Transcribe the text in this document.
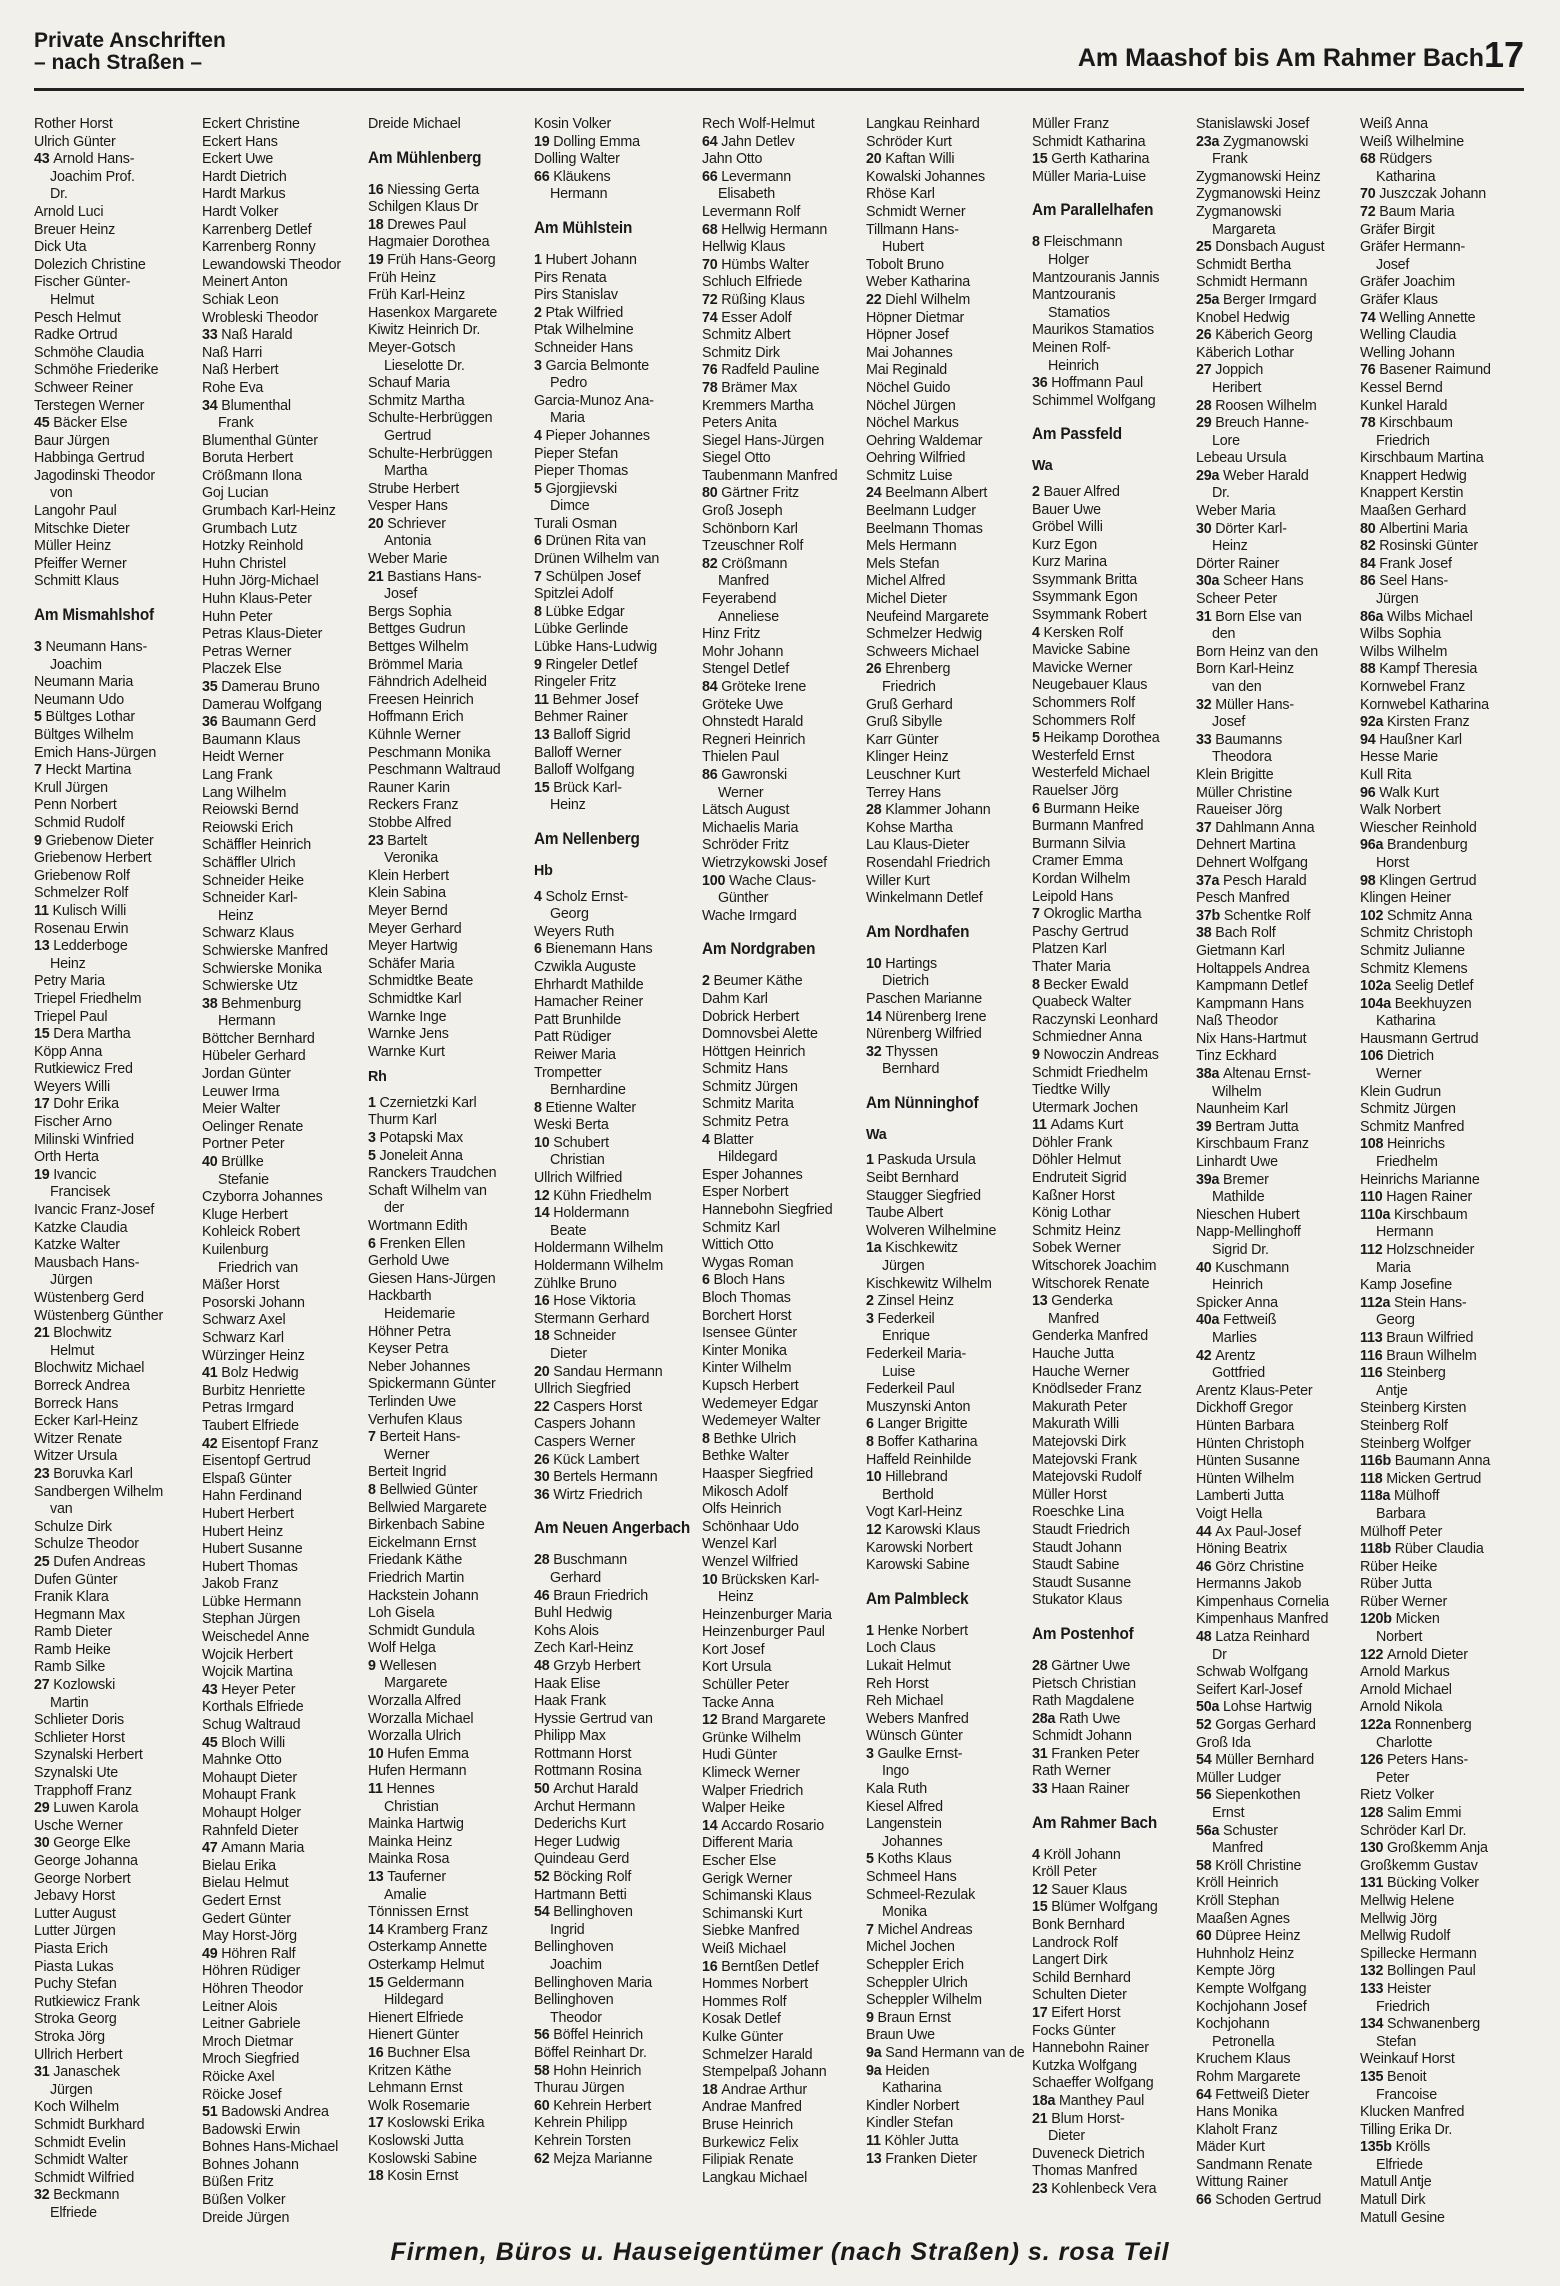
Private Anschriften
– nach Straßen –	Am Maashof bis Am Rahmer Bach 17
Rother Horst
Ulrich Günter
43 Arnold Hans-
Joachim Prof.
Dr.
Arnold Luci
Breuer Heinz
Dick Uta
Dolezich Christine
Fischer Günter-
Helmut
Pesch Helmut
Radke Ortrud
Schmöhe Claudia
Schmöhe Friederike
Schweer Reiner
Terstegen Werner
45 Bäcker Else
Baur Jürgen
Habbinga Gertrud
Jagodinski Theodor
von
Langohr Paul
Mitschke Dieter
Müller Heinz
Pfeiffer Werner
Schmitt Klaus
Am Mismahlshof
3 Neumann Hans-
Joachim
Neumann Maria
Neumann Udo
5 Bültges Lothar
Bültges Wilhelm
Emich Hans-Jürgen
7 Heckt Martina
Krull Jürgen
Penn Norbert
Schmid Rudolf
9 Griebenow Dieter
Griebenow Herbert
Griebenow Rolf
Schmelzer Rolf
11 Kulisch Willi
Rosenau Erwin
13 Ledderboge
Heinz
Petry Maria
Triepel Friedhelm
Triepel Paul
15 Dera Martha
Köpp Anna
Rutkiewicz Fred
Weyers Willi
17 Dohr Erika
Fischer Arno
Milinski Winfried
Orth Herta
19 Ivancic
Francisek
Ivancic Franz-Josef
Katzke Claudia
Katzke Walter
Mausbach Hans-
Jürgen
Wüstenberg Gerd
Wüstenberg Günther
21 Blochwitz
Helmut
Blochwitz Michael
Borreck Andrea
Borreck Hans
Ecker Karl-Heinz
Witzer Renate
Witzer Ursula
23 Boruvka Karl
Sandbergen Wilhelm
van
Schulze Dirk
Schulze Theodor
25 Dufen Andreas
Dufen Günter
Franik Klara
Hegmann Max
Ramb Dieter
Ramb Heike
Ramb Silke
27 Kozlowski
Martin
Schlieter Doris
Schlieter Horst
Szynalski Herbert
Szynalski Ute
Trapphoff Franz
29 Luwen Karola
Usche Werner
30 George Elke
George Johanna
George Norbert
Jebavy Horst
Lutter August
Lutter Jürgen
Piasta Erich
Piasta Lukas
Puchy Stefan
Rutkiewicz Frank
Stroka Georg
Stroka Jörg
Ullrich Herbert
31 Janaschek
Jürgen
Koch Wilhelm
Schmidt Burkhard
Schmidt Evelin
Schmidt Walter
Schmidt Wilfried
32 Beckmann
Elfriede
Eckert Christine
Eckert Hans
Eckert Uwe
Hardt Dietrich
Hardt Markus
Hardt Volker
Karrenberg Detlef
Karrenberg Ronny
Lewandowski Theodor
Meinert Anton
Schiak Leon
Wrobleski Theodor
33 Naß Harald
Naß Harri
Naß Herbert
Rohe Eva
34 Blumenthal
Frank
Blumenthal Günter
Boruta Herbert
Crößmann Ilona
Goj Lucian
Grumbach Karl-Heinz
Grumbach Lutz
Hotzky Reinhold
Huhn Christel
Huhn Jörg-Michael
Huhn Klaus-Peter
Huhn Peter
Petras Klaus-Dieter
Petras Werner
Placzek Else
35 Damerau Bruno
Damerau Wolfgang
36 Baumann Gerd
Baumann Klaus
Heidt Werner
Lang Frank
Lang Wilhelm
Reiowski Bernd
Reiowski Erich
Schäffler Heinrich
Schäffler Ulrich
Schneider Heike
Schneider Karl-
Heinz
Schwarz Klaus
Schwierske Manfred
Schwierske Monika
Schwierske Utz
38 Behmenburg
Hermann
Böttcher Bernhard
Hübeler Gerhard
Jordan Günter
Leuwer Irma
Meier Walter
Oelinger Renate
Portner Peter
40 Brüllke
Stefanie
Czyborra Johannes
Kluge Herbert
Kohleick Robert
Kuilenburg
Friedrich van
Mäßer Horst
Posorski Johann
Schwarz Axel
Schwarz Karl
Würzinger Heinz
41 Bolz Hedwig
Burbitz Henriette
Petras Irmgard
Taubert Elfriede
42 Eisentopf Franz
Eisentopf Gertrud
Elspaß Günter
Hahn Ferdinand
Hubert Herbert
Hubert Heinz
Hubert Susanne
Hubert Thomas
Jakob Franz
Lübke Hermann
Stephan Jürgen
Weischedel Anne
Wojcik Herbert
Wojcik Martina
43 Heyer Peter
Korthals Elfriede
Schug Waltraud
45 Bloch Willi
Mahnke Otto
Mohaupt Dieter
Mohaupt Frank
Mohaupt Holger
Rahnfeld Dieter
47 Amann Maria
Bielau Erika
Bielau Helmut
Gedert Ernst
Gedert Günter
May Horst-Jörg
49 Höhren Ralf
Höhren Rüdiger
Höhren Theodor
Leitner Alois
Leitner Gabriele
Mroch Dietmar
Mroch Siegfried
Röicke Axel
Röicke Josef
51 Badowski Andrea
Badowski Erwin
Bohnes Hans-Michael
Bohnes Johann
Büßen Fritz
Büßen Volker
Dreide Jürgen
Dreide Michael
Am Mühlenberg
16 Niessing Gerta
Schilgen Klaus Dr
18 Drewes Paul
Hagmaier Dorothea
19 Früh Hans-Georg
Früh Heinz
Früh Karl-Heinz
Hasenkox Margarete
Kiwitz Heinrich Dr.
Meyer-Gotsch
Lieselotte Dr.
Schauf Maria
Schmitz Martha
Schulte-Herbrüggen
Gertrud
Schulte-Herbrüggen
Martha
Strube Herbert
Vesper Hans
20 Schriever
Antonia
Weber Marie
21 Bastians Hans-
Josef
Bergs Sophia
Bettges Gudrun
Bettges Wilhelm
Brömmel Maria
Fähndrich Adelheid
Freesen Heinrich
Hoffmann Erich
Kühnle Werner
Peschmann Monika
Peschmann Waltraud
Rauner Karin
Reckers Franz
Stobbe Alfred
23 Bartelt
Veronika
Klein Herbert
Klein Sabina
Meyer Bernd
Meyer Gerhard
Meyer Hartwig
Schäfer Maria
Schmidtke Beate
Schmidtke Karl
Warnke Inge
Warnke Jens
Warnke Kurt
Rh
1 Czernietzki Karl
Thurm Karl
3 Potapski Max
5 Joneleit Anna
Ranckers Traudchen
Schaft Wilhelm van
der
Wortmann Edith
6 Frenken Ellen
Gerhold Uwe
Giesen Hans-Jürgen
Hackbarth
Heidemarie
Höhner Petra
Keyser Petra
Neber Johannes
Spickermann Günter
Terlinden Uwe
Verhufen Klaus
7 Berteit Hans-
Werner
Berteit Ingrid
8 Bellwied Günter
Bellwied Margarete
Birkenbach Sabine
Eickelmann Ernst
Friedank Käthe
Friedrich Martin
Hackstein Johann
Loh Gisela
Schmidt Gundula
Wolf Helga
9 Wellesen
Margarete
Worzalla Alfred
Worzalla Michael
Worzalla Ulrich
10 Hufen Emma
Hufen Hermann
11 Hennes
Christian
Mainka Hartwig
Mainka Heinz
Mainka Rosa
13 Tauferner
Amalie
Tönnissen Ernst
14 Kramberg Franz
Osterkamp Annette
Osterkamp Helmut
15 Geldermann
Hildegard
Hienert Elfriede
Hienert Günter
16 Buchner Elsa
Kritzen Käthe
Lehmann Ernst
Wolk Rosemarie
17 Koslowski Erika
Koslowski Jutta
Koslowski Sabine
18 Kosin Ernst
Kosin Volker
19 Dolling Emma
Dolling Walter
66 Kläukens
Hermann
Am Mühlstein
1 Hubert Johann
Pirs Renata
Pirs Stanislav
2 Ptak Wilfried
Ptak Wilhelmine
Schneider Hans
3 Garcia Belmonte
Pedro
Garcia-Munoz Ana-
Maria
4 Pieper Johannes
Pieper Stefan
Pieper Thomas
5 Gjorgjievski
Dimce
Turali Osman
6 Drünen Rita van
Drünen Wilhelm van
7 Schülpen Josef
Spitzlei Adolf
8 Lübke Edgar
Lübke Gerlinde
Lübke Hans-Ludwig
9 Ringeler Detlef
Ringeler Fritz
11 Behmer Josef
Behmer Rainer
13 Balloff Sigrid
Balloff Werner
Balloff Wolfgang
15 Brück Karl-
Heinz
Am Nellenberg
Hb
4 Scholz Ernst-
Georg
Weyers Ruth
6 Bienemann Hans
Czwikla Auguste
Ehrhardt Mathilde
Hamacher Reiner
Patt Brunhilde
Patt Rüdiger
Reiwer Maria
Trompetter
Bernhardine
8 Etienne Walter
Weski Berta
10 Schubert
Christian
Ullrich Wilfried
12 Kühn Friedhelm
14 Holdermann
Beate
Holdermann Wilhelm
Holdermann Wilhelm
Zühlke Bruno
16 Hose Viktoria
Stermann Gerhard
18 Schneider
Dieter
20 Sandau Hermann
Ullrich Siegfried
22 Caspers Horst
Caspers Johann
Caspers Werner
26 Kück Lambert
30 Bertels Hermann
36 Wirtz Friedrich
Am Neuen Angerbach
28 Buschmann
Gerhard
46 Braun Friedrich
Buhl Hedwig
Kohs Alois
Zech Karl-Heinz
48 Grzyb Herbert
Haak Elise
Haak Frank
Hyssie Gertrud van
Philipp Max
Rottmann Horst
Rottmann Rosina
50 Archut Harald
Archut Hermann
Dederichs Kurt
Heger Ludwig
Quindeau Gerd
52 Böcking Rolf
Hartmann Betti
54 Bellinghoven
Ingrid
Bellinghoven
Joachim
Bellinghoven Maria
Bellinghoven
Theodor
56 Böffel Heinrich
Böffel Reinhart Dr.
58 Hohn Heinrich
Thurau Jürgen
60 Kehrein Herbert
Kehrein Philipp
Kehrein Torsten
62 Mejza Marianne
Rech Wolf-Helmut
64 Jahn Detlev
Jahn Otto
66 Levermann
Elisabeth
Levermann Rolf
68 Hellwig Hermann
Hellwig Klaus
70 Hümbs Walter
Schluch Elfriede
72 Rüßing Klaus
74 Esser Adolf
Schmitz Albert
Schmitz Dirk
76 Radfeld Pauline
78 Brämer Max
Kremmers Martha
Peters Anita
Siegel Hans-Jürgen
Siegel Otto
Taubenmann Manfred
80 Gärtner Fritz
Groß Joseph
Schönborn Karl
Tzeuschner Rolf
82 Crößmann
Manfred
Feyerabend
Anneliese
Hinz Fritz
Mohr Johann
Stengel Detlef
84 Gröteke Irene
Gröteke Uwe
Ohnstedt Harald
Regneri Heinrich
Thielen Paul
86 Gawronski
Werner
Lätsch August
Michaelis Maria
Schröder Fritz
Wietrzykowski Josef
100 Wache Claus-
Günther
Wache Irmgard
Am Nordgraben
2 Beumer Käthe
Dahm Karl
Dobrick Herbert
Domnovsbei Alette
Höttgen Heinrich
Schmitz Hans
Schmitz Jürgen
Schmitz Marita
Schmitz Petra
4 Blatter
Hildegard
Esper Johannes
Esper Norbert
Hannebohn Siegfried
Schmitz Karl
Wittich Otto
Wygas Roman
6 Bloch Hans
Bloch Thomas
Borchert Horst
Isensee Günter
Kinter Monika
Kinter Wilhelm
Kupsch Herbert
Wedemeyer Edgar
Wedemeyer Walter
8 Bethke Ulrich
Bethke Walter
Haasper Siegfried
Mikosch Adolf
Olfs Heinrich
Schönhaar Udo
Wenzel Karl
Wenzel Wilfried
10 Brücksken Karl-
Heinz
Heinzenburger Maria
Heinzenburger Paul
Kort Josef
Kort Ursula
Schüller Peter
Tacke Anna
12 Brand Margarete
Grünke Wilhelm
Hudi Günter
Klimeck Werner
Walper Friedrich
Walper Heike
14 Accardo Rosario
Different Maria
Escher Else
Gerigk Werner
Schimanski Klaus
Schimanski Kurt
Siebke Manfred
Weiß Michael
16 Berntßen Detlef
Hommes Norbert
Hommes Rolf
Kosak Detlef
Kulke Günter
Schmelzer Harald
Stempelpaß Johann
18 Andrae Arthur
Andrae Manfred
Bruse Heinrich
Burkewicz Felix
Filipiak Renate
Langkau Michael
Langkau Reinhard
Schröder Kurt
20 Kaftan Willi
Kowalski Johannes
Rhöse Karl
Schmidt Werner
Tillmann Hans-
Hubert
Tobolt Bruno
Weber Katharina
22 Diehl Wilhelm
Höpner Dietmar
Höpner Josef
Mai Johannes
Mai Reginald
Nöchel Guido
Nöchel Jürgen
Nöchel Markus
Oehring Waldemar
Oehring Wilfried
Schmitz Luise
24 Beelmann Albert
Beelmann Ludger
Beelmann Thomas
Mels Hermann
Mels Stefan
Michel Alfred
Michel Dieter
Neufeind Margarete
Schmelzer Hedwig
Schweers Michael
26 Ehrenberg
Friedrich
Gruß Gerhard
Gruß Sibylle
Karr Günter
Klinger Heinz
Leuschner Kurt
Terrey Hans
28 Klammer Johann
Kohse Martha
Lau Klaus-Dieter
Rosendahl Friedrich
Willer Kurt
Winkelmann Detlef
Am Nordhafen
10 Hartings
Dietrich
Paschen Marianne
14 Nürenberg Irene
Nürenberg Wilfried
32 Thyssen
Bernhard
Am Nünninghof
Wa
1 Paskuda Ursula
Seibt Bernhard
Staugger Siegfried
Taube Albert
Wolveren Wilhelmine
1a Kischkewitz
Jürgen
Kischkewitz Wilhelm
2 Zinsel Heinz
3 Federkeil
Enrique
Federkeil Maria-
Luise
Federkeil Paul
Muszynski Anton
6 Langer Brigitte
8 Boffer Katharina
Haffeld Reinhilde
10 Hillebrand
Berthold
Vogt Karl-Heinz
12 Karowski Klaus
Karowski Norbert
Karowski Sabine
Am Palmbleck
1 Henke Norbert
Loch Claus
Lukait Helmut
Reh Horst
Reh Michael
Webers Manfred
Wünsch Günter
3 Gaulke Ernst-
Ingo
Kala Ruth
Kiesel Alfred
Langenstein
Johannes
5 Koths Klaus
Schmeel Hans
Schmeel-Rezulak
Monika
7 Michel Andreas
Michel Jochen
Scheppler Erich
Scheppler Ulrich
Scheppler Wilhelm
9 Braun Ernst
Braun Uwe
9a Sand Hermann van de
9a Heiden
Katharina
Kindler Norbert
Kindler Stefan
11 Köhler Jutta
13 Franken Dieter
Müller Franz
Schmidt Katharina
15 Gerth Katharina
Müller Maria-Luise
Am Parallelhafen
8 Fleischmann
Holger
Mantzouranis Jannis
Mantzouranis
Stamatios
Maurikos Stamatios
Meinen Rolf-
Heinrich
36 Hoffmann Paul
Schimmel Wolfgang
Am Passfeld
Wa
2 Bauer Alfred
Bauer Uwe
Gröbel Willi
Kurz Egon
Kurz Marina
Ssymmank Britta
Ssymmank Egon
Ssymmank Robert
4 Kersken Rolf
Mavicke Sabine
Mavicke Werner
Neugebauer Klaus
Schommers Rolf
Schommers Rolf
5 Heikamp Dorothea
Westerfeld Ernst
Westerfeld Michael
Rauelser Jörg
6 Burmann Heike
Burmann Manfred
Burmann Silvia
Cramer Emma
Kordan Wilhelm
Leipold Hans
7 Okroglic Martha
Paschy Gertrud
Platzen Karl
Thater Maria
8 Becker Ewald
Quabeck Walter
Raczynski Leonhard
Schmiedner Anna
9 Nowoczin Andreas
Schmidt Friedhelm
Tiedtke Willy
Utermark Jochen
11 Adams Kurt
Döhler Frank
Döhler Helmut
Endruteit Sigrid
Kaßner Horst
König Lothar
Schmitz Heinz
Sobek Werner
Witschorek Joachim
Witschorek Renate
13 Genderka
Manfred
Genderka Manfred
Hauche Jutta
Hauche Werner
Knödlseder Franz
Makurath Peter
Makurath Willi
Matejovski Dirk
Matejovski Frank
Matejovski Rudolf
Müller Horst
Roeschke Lina
Staudt Friedrich
Staudt Johann
Staudt Sabine
Staudt Susanne
Stukator Klaus
Am Postenhof
28 Gärtner Uwe
Pietsch Christian
Rath Magdalene
28a Rath Uwe
Schmidt Johann
31 Franken Peter
Rath Werner
33 Haan Rainer
Am Rahmer Bach
4 Kröll Johann
Kröll Peter
12 Sauer Klaus
15 Blümer Wolfgang
Bonk Bernhard
Landrock Rolf
Langert Dirk
Schild Bernhard
Schulten Dieter
17 Eifert Horst
Focks Günter
Hannebohn Rainer
Kutzka Wolfgang
Schaeffer Wolfgang
18a Manthey Paul
21 Blum Horst-
Dieter
Duveneck Dietrich
Thomas Manfred
23 Kohlenbeck Vera
Stanislawski Josef
23a Zygmanowski
Frank
Zygmanowski Heinz
Zygmanowski Heinz
Zygmanowski
Margareta
25 Donsbach August
Schmidt Bertha
Schmidt Hermann
25a Berger Irmgard
Knobel Hedwig
26 Käberich Georg
Käberich Lothar
27 Joppich
Heribert
28 Roosen Wilhelm
29 Breuch Hanne-
Lore
Lebeau Ursula
29a Weber Harald
Dr.
Weber Maria
30 Dörter Karl-
Heinz
Dörter Rainer
30a Scheer Hans
Scheer Peter
31 Born Else van
den
Born Heinz van den
Born Karl-Heinz
van den
32 Müller Hans-
Josef
33 Baumanns
Theodora
Klein Brigitte
Müller Christine
Raueiser Jörg
37 Dahlmann Anna
Dehnert Martina
Dehnert Wolfgang
37a Pesch Harald
Pesch Manfred
37b Schentke Rolf
38 Bach Rolf
Gietmann Karl
Holtappels Andrea
Kampmann Detlef
Kampmann Hans
Naß Theodor
Nix Hans-Hartmut
Tinz Eckhard
38a Altenau Ernst-
Wilhelm
Naunheim Karl
39 Bertram Jutta
Kirschbaum Franz
Linhardt Uwe
39a Bremer
Mathilde
Nieschen Hubert
Napp-Mellinghoff
Sigrid Dr.
40 Kuschmann
Heinrich
Spicker Anna
40a Fettweiß
Marlies
42 Arentz
Gottfried
Arentz Klaus-Peter
Dickhoff Gregor
Hünten Barbara
Hünten Christoph
Hünten Susanne
Hünten Wilhelm
Lamberti Jutta
Voigt Hella
44 Ax Paul-Josef
Höning Beatrix
46 Görz Christine
Hermanns Jakob
Kimpenhaus Cornelia
Kimpenhaus Manfred
48 Latza Reinhard
Dr
Schwab Wolfgang
Seifert Karl-Josef
50a Lohse Hartwig
52 Gorgas Gerhard
Groß Ida
54 Müller Bernhard
Müller Ludger
56 Siepenkothen
Ernst
56a Schuster
Manfred
58 Kröll Christine
Kröll Heinrich
Kröll Stephan
Maaßen Agnes
60 Düpree Heinz
Huhnholz Heinz
Kempte Jörg
Kempte Wolfgang
Kochjohann Josef
Kochjohann
Petronella
Kruchem Klaus
Rohm Margarete
64 Fettweiß Dieter
Hans Monika
Klaholt Franz
Mäder Kurt
Sandmann Renate
Wittung Rainer
66 Schoden Gertrud
Weiß Anna
Weiß Wilhelmine
68 Rüdgers
Katharina
70 Juszczak Johann
72 Baum Maria
Gräfer Birgit
Gräfer Hermann-
Josef
Gräfer Joachim
Gräfer Klaus
74 Welling Annette
Welling Claudia
Welling Johann
76 Basener Raimund
Kessel Bernd
Kunkel Harald
78 Kirschbaum
Friedrich
Kirschbaum Martina
Knappert Hedwig
Knappert Kerstin
Maaßen Gerhard
80 Albertini Maria
82 Rosinski Günter
84 Frank Josef
86 Seel Hans-
Jürgen
86a Wilbs Michael
Wilbs Sophia
Wilbs Wilhelm
88 Kampf Theresia
Kornwebel Franz
Kornwebel Katharina
92a Kirsten Franz
94 Haußner Karl
Hesse Marie
Kull Rita
96 Walk Kurt
Walk Norbert
Wiescher Reinhold
96a Brandenburg
Horst
98 Klingen Gertrud
Klingen Heiner
102 Schmitz Anna
Schmitz Christoph
Schmitz Julianne
Schmitz Klemens
102a Seelig Detlef
104a Beekhuyzen
Katharina
Hausmann Gertrud
106 Dietrich
Werner
Klein Gudrun
Schmitz Jürgen
Schmitz Manfred
108 Heinrichs
Friedhelm
Heinrichs Marianne
110 Hagen Rainer
110a Kirschbaum
Hermann
112 Holzschneider
Maria
Kamp Josefine
112a Stein Hans-
Georg
113 Braun Wilfried
116 Braun Wilhelm
116 Steinberg
Antje
Steinberg Kirsten
Steinberg Rolf
Steinberg Wolfger
116b Baumann Anna
118 Micken Gertrud
118a Mülhoff
Barbara
Mülhoff Peter
118b Rüber Claudia
Rüber Heike
Rüber Jutta
Rüber Werner
120b Micken
Norbert
122 Arnold Dieter
Arnold Markus
Arnold Michael
Arnold Nikola
122a Ronnenberg
Charlotte
126 Peters Hans-
Peter
Rietz Volker
128 Salim Emmi
Schröder Karl Dr.
130 Großkemm Anja
Großkemm Gustav
131 Bücking Volker
Mellwig Helene
Mellwig Jörg
Mellwig Rudolf
Spillecke Hermann
132 Bollingen Paul
133 Heister
Friedrich
134 Schwanenberg
Stefan
Weinkauf Horst
135 Benoit
Francoise
Klucken Manfred
Tilling Erika Dr.
135b Krölls
Elfriede
Matull Antje
Matull Dirk
Matull Gesine
Firmen, Büros u. Hauseigentümer (nach Straßen) s. rosa Teil
